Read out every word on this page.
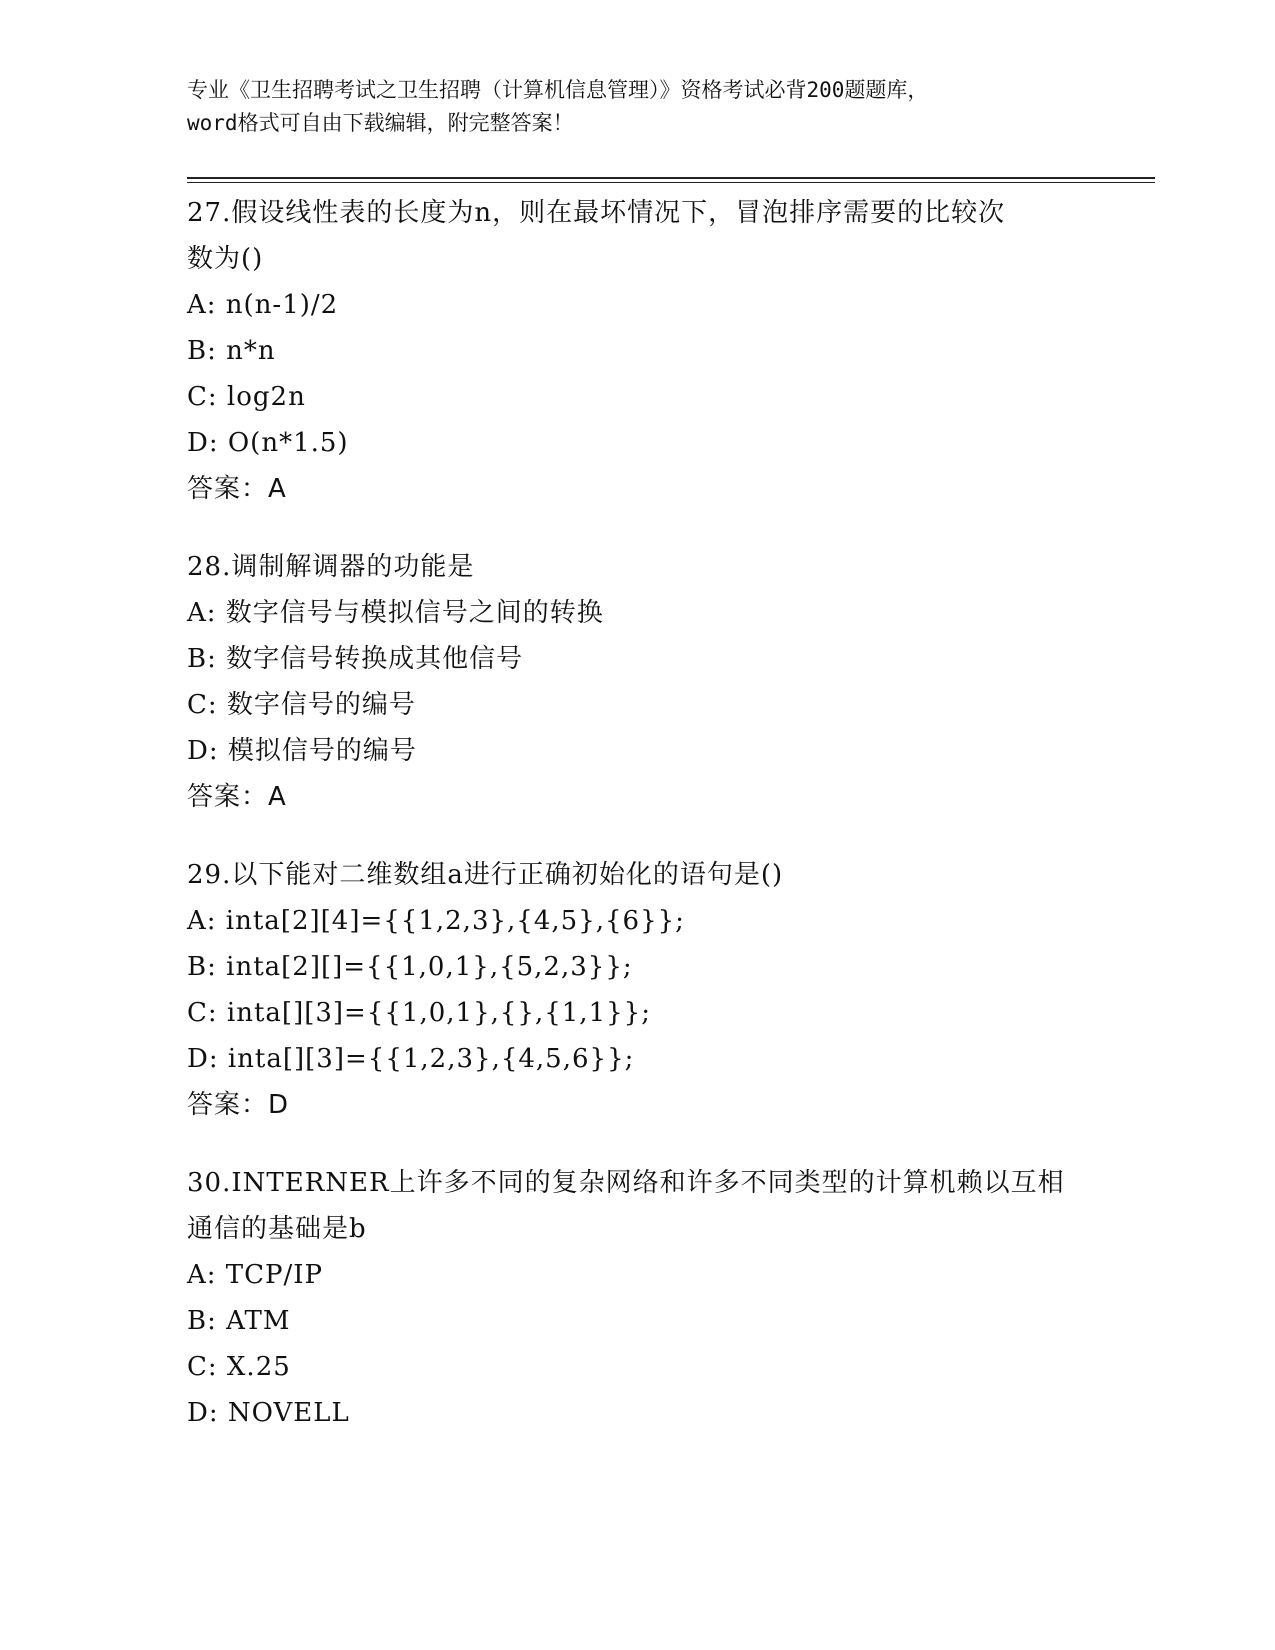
专业《卫生招聘考试之卫生招聘（计算机信息管理）》资格考试必背200题题库，
word格式可自由下载编辑，附完整答案！
27.假设线性表的长度为n，则在最坏情况下，冒泡排序需要的比较次
数为()
A: n(n-1)/2
B: n*n
C: log2n
D: O(n*1.5)
答案：A
28.调制解调器的功能是
A: 数字信号与模拟信号之间的转换
B: 数字信号转换成其他信号
C: 数字信号的编号
D: 模拟信号的编号
答案：A
29.以下能对二维数组a进行正确初始化的语句是()
A: inta[2][4]={{1,2,3},{4,5},{6}};
B: inta[2][]={{1,0,1},{5,2,3}};
C: inta[][3]={{1,0,1},{},{1,1}};
D: inta[][3]={{1,2,3},{4,5,6}};
答案：D
30.INTERNER上许多不同的复杂网络和许多不同类型的计算机赖以互相
通信的基础是b
A: TCP/IP
B: ATM
C: X.25
D: NOVELL
